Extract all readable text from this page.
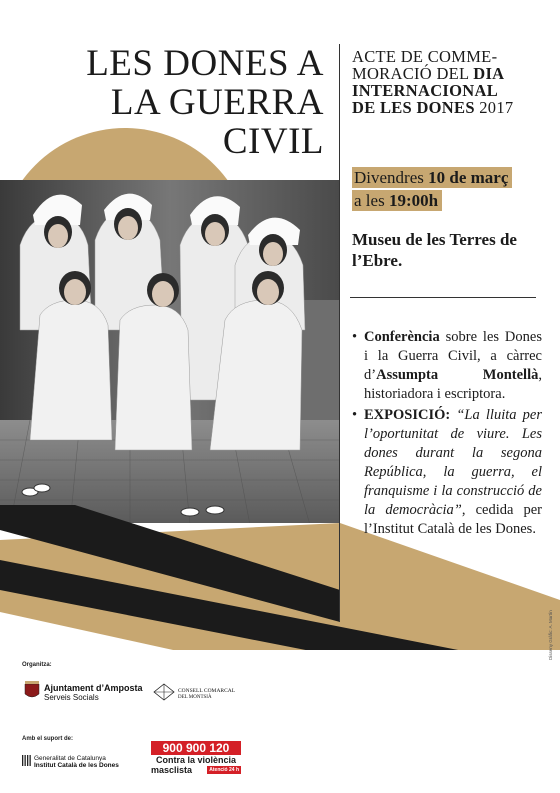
LES DONES A
LA GUERRA
CIVIL
ACTE DE COMME-
MORACIÓ DEL DIA
INTERNACIONAL
DE LES DONES 2017
Divendres 10 de març
a les 19:00h
Museu de les Terres de l’Ebre.
• Conferència sobre les Dones i la Guerra Civil, a càrrec d’Assumpta Montellà, historiadora i escriptora.
• EXPOSICIÓ: “La lluita per l’oportunitat de viure. Les dones durant la segona República, la guerra, el franquisme i la construcció de la democràcia”, cedida per l’Institut Català de les Dones.
Disseny Gràfic: A. Martín
Organitza:
Ajuntament d’Amposta
Serveis Socials
CONSELL COMARCAL
DEL MONTSIÀ
Amb el suport de:
Generalitat de Catalunya
Institut Català de les Dones
900 900 120
Contra la violència
masclista	Atenció 24 h
